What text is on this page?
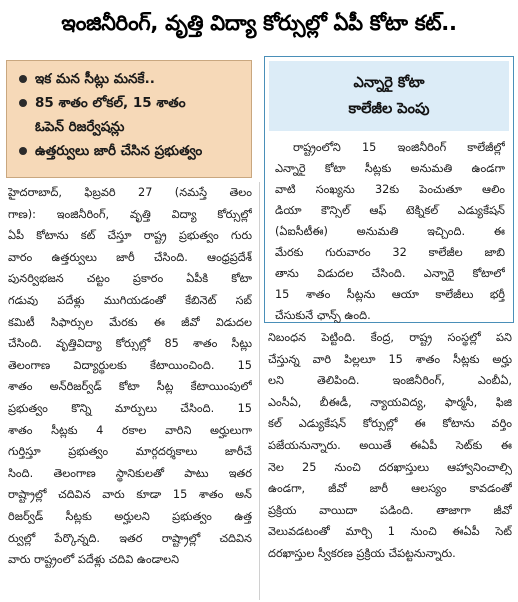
ఇంజినీరింగ్, వృత్తి విద్యా కోర్సుల్లో ఏపీ కోటా కట్..
ఇక మన సీట్లు మనకే..
85 శాతం లోకల్, 15 శాతం
ఓపెన్ రిజర్వేషన్లు
ఉత్తర్వులు జారీ చేసిన ప్రభుత్వం
ఎన్నారై కోటా
కాలేజీల పెంపు
రాష్ట్రంలోని 15 ఇంజినీరింగ్ కాలేజీల్లో
ఎన్నారై కోటా సీట్లకు అనుమతి ఉండగా
వాటి సంఖ్యను 32కు పెంచుతూ ఆలిం
డియా కౌన్సిల్ ఆఫ్ టెక్నికల్ ఎడ్యుకేషన్
(ఏఐసీటీఈ) అనుమతి ఇచ్చింది. ఈ
మేరకు గురువారం 32 కాలేజీల జాబి
తాను విడుదల చేసింది. ఎన్నారై కోటాలో
15 శాతం సీట్లను ఆయా కాలేజీలు భర్తీ
చేసుకునే ఛాన్స్ ఉంది.
హైదరాబాద్, ఫిబ్రవరి 27 (నమస్తే తెలం
గాణ): ఇంజినీరింగ్, వృత్తి విద్యా కోర్సుల్లో
ఏపీ కోటాను కట్ చేస్తూ రాష్ట్ర ప్రభుత్వం గురు
వారం ఉత్తర్వులు జారీ చేసింది. ఆంధ్రప్రదేశ్
పునర్విభజన చట్టం ప్రకారం ఏపీకి కోటా
గడువు పదేళ్లు ముగియడంతో కేబినెట్ సబ్
కమిటీ సిఫార్సుల మేరకు ఈ జీవో విడుదల
చేసింది. వృత్తివిద్యా కోర్సుల్లో 85 శాతం సీట్లు
తెలంగాణ విద్యార్థులకు కేటాయించింది. 15
శాతం అన్‌రిజర్వ్‌డ్ కోటా సీట్ల కేటాయింపులో
ప్రభుత్వం కొన్ని మార్పులు చేసింది. 15
శాతం సీట్లకు 4 రకాల వారిని అర్హులుగా
గుర్తిస్తూ ప్రభుత్వం మార్గదర్శకాలు జారీచే
సింది. తెలంగాణ స్థానికులతో పాటు ఇతర
రాష్ట్రాల్లో చదివిన వారు కూడా 15 శాతం అన్
రిజర్వ్‌డ్ సీట్లకు అర్హులని ప్రభుత్వం ఉత్త
ర్వుల్లో పేర్కొన్నది. ఇతర రాష్ట్రాల్లో చదివిన
వారు రాష్ట్రంలో పదేళ్లు చదివి ఉండాలని
నిబంధన పెట్టింది. కేంద్ర, రాష్ట్ర సంస్థల్లో పని
చేస్తున్న వారి పిల్లలూ 15 శాతం సీట్లకు అర్హు
లని తెలిపింది. ఇంజినీరింగ్, ఎంబీఏ,
ఎంసీఏ, బీఈడీ, న్యాయవిద్య, ఫార్మసీ, ఫిజి
కల్ ఎడ్యుకేషన్ కోర్సుల్లో ఈ కోటాను వర్తిం
పజేయనున్నారు. అయితే ఈఏపీ సెట్‌కు ఈ
నెల 25 నుంచి దరఖాస్తులు ఆహ్వానించాల్సి
ఉండగా, జీవో జారీ ఆలస్యం కావడంతో
ప్రక్రియ వాయిదా పడింది. తాజాగా జీవో
వెలువడటంతో మార్చి 1 నుంచి ఈఏపీ సెట్
దరఖాస్తుల స్వీకరణ ప్రక్రియ చేపట్టనున్నారు.
